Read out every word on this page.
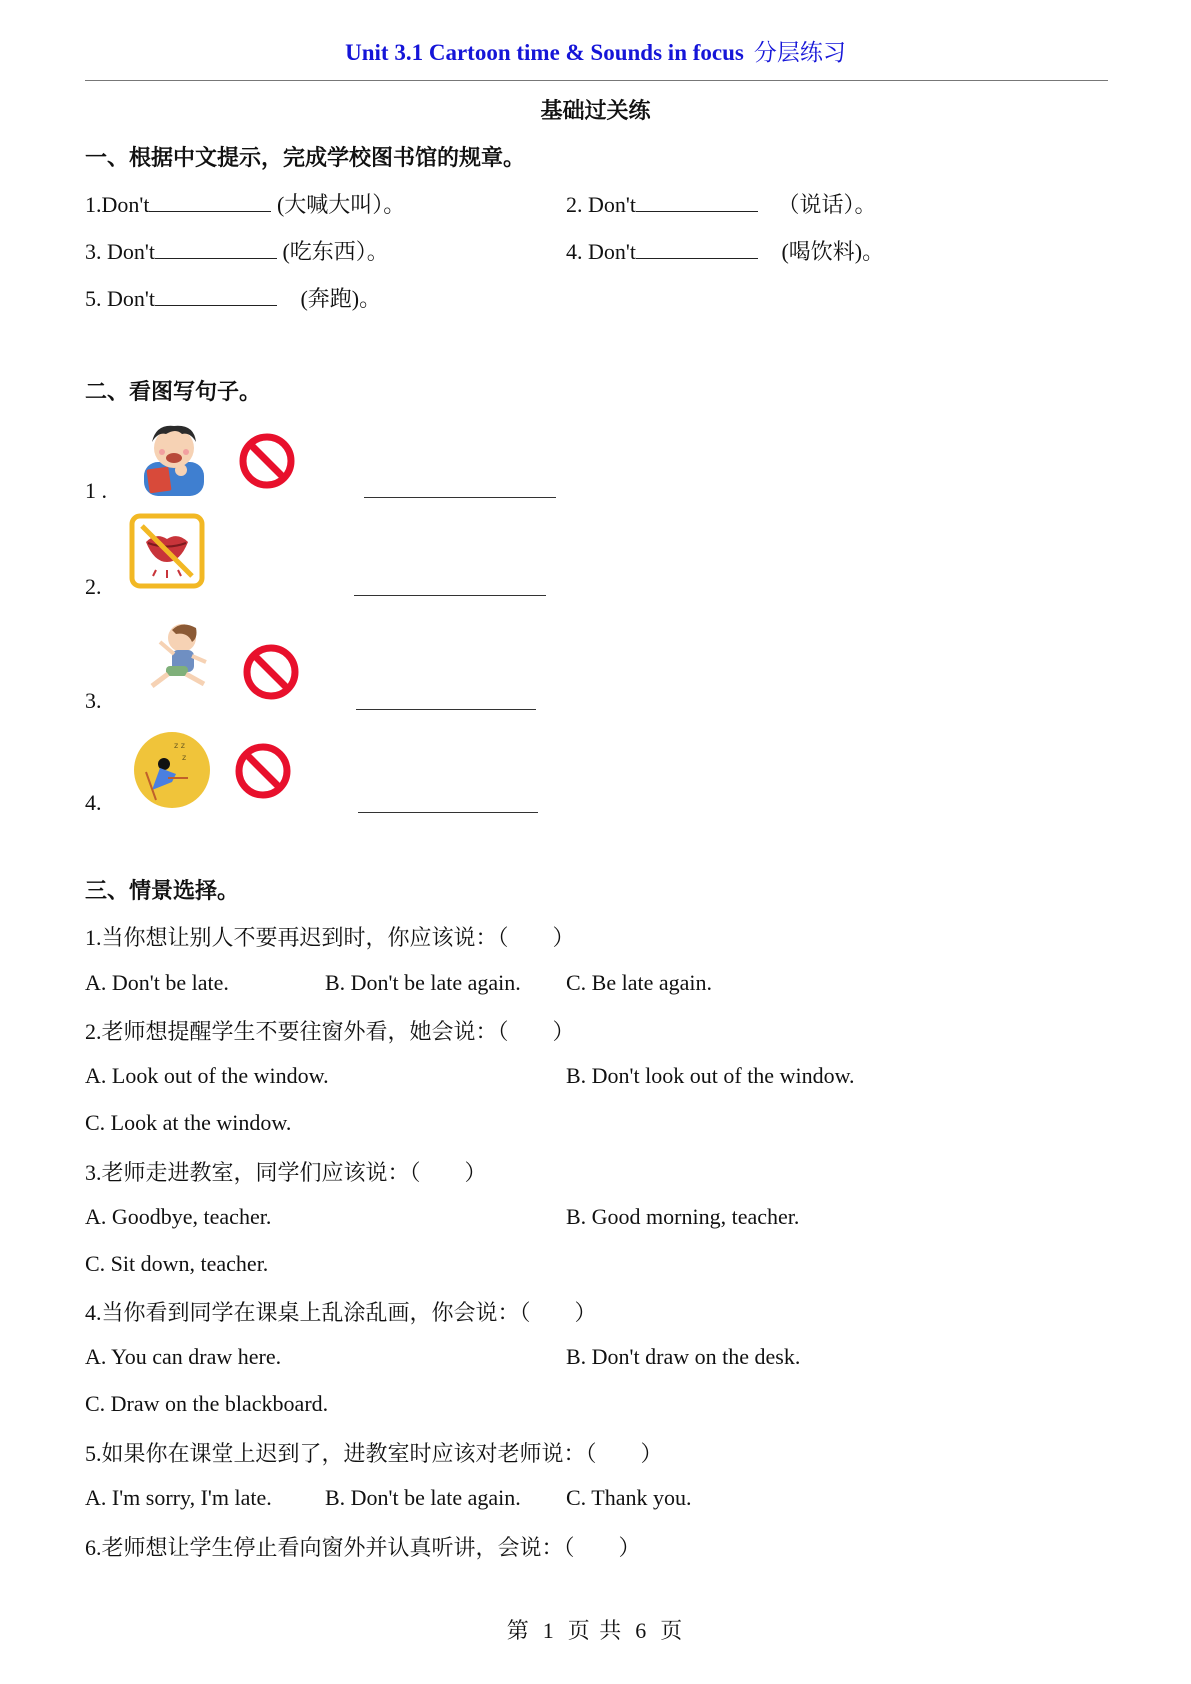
Unit 3.1 Cartoon time & Sounds in focus 分层练习
基础过关练
一、根据中文提示，完成学校图书馆的规章。
1.Don't	(大喊大叫）。	2. Don't	（说话）。
3. Don't	(吃东西）。	4. Don't	(喝饮料)。
5. Don't	(奔跑)。
二、看图写句子。
1 .
2.
3.
4.
z z
z
三、情景选择。
1.当你想让别人不要再迟到时，你应该说：（　　）
A. Don't be late.	B. Don't be late again. C. Be late again.
2.老师想提醒学生不要往窗外看，她会说：（　　）
A. Look out of the window.	B. Don't look out of the window.
C. Look at the window.
3.老师走进教室，同学们应该说：（　　）
A. Goodbye, teacher.	B. Good morning, teacher.
C. Sit down, teacher.
4.当你看到同学在课桌上乱涂乱画，你会说：（　　）
A. You can draw here.	B. Don't draw on the desk.
C. Draw on the blackboard.
5.如果你在课堂上迟到了，进教室时应该对老师说：（　　）
A. I'm sorry, I'm late. B. Don't be late again. C. Thank you.
6.老师想让学生停止看向窗外并认真听讲，会说：（　　）
第 1 页 共 6 页
